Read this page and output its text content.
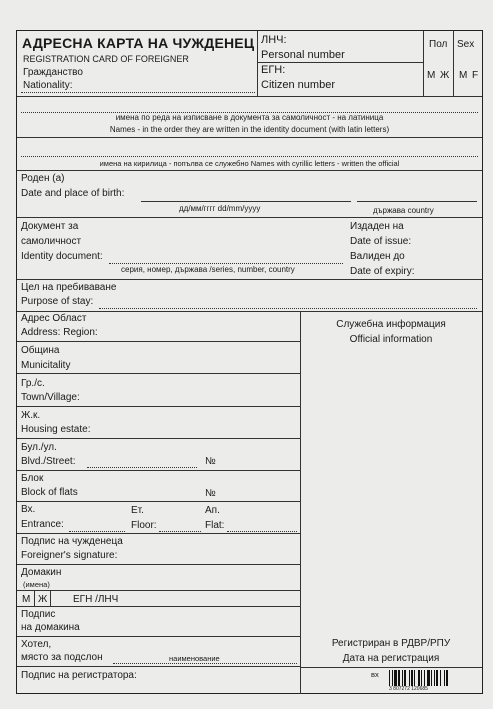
АДРЕСНА КАРТА НА ЧУЖДЕНЕЦ
REGISTRATION CARD OF FOREIGNER
Гражданство
Nationality:
ЛНЧ:
Personal number
ЕГН:
Citizen number
Пол Sex
М Ж M F
имена по реда на изписване в документа за самоличност - на латиница
Names - in the order they are written in the identity document (with latin letters)
имена на кирилица - попълва се служебно Names with cyrillic letters - written the official
Роден (а)
Date and place of birth:
дд/мм/гггг dd/mm/yyyy	държава country
Документ за
самоличност
Identity document:
серия, номер, държава /series, number, country
Издаден на
Date of issue:
Валиден до
Date of expiry:
Цел на пребиваване
Purpose of stay:
Служебна информация
Official information
Регистриран в РДВР/РПУ
Дата на регистрация
вх
3 807272 120685
Адрес Област
Address: Region:
Община
Municitality
Гр./с.
Town/Village:
Ж.к.
Housing estate:
Бул./ул.
Blvd./Street:	№
Блок
Block of flats	№
Вх.
Entrance:
Ет.
Floor:
Ап.
Flat:
Подпис на чужденеца
Foreigner's signature:
Домакин
(имена)
М Ж	ЕГН /ЛНЧ
Подпис
на домакина
Хотел,
място за подслон	наименование
Подпис на регистратора:
